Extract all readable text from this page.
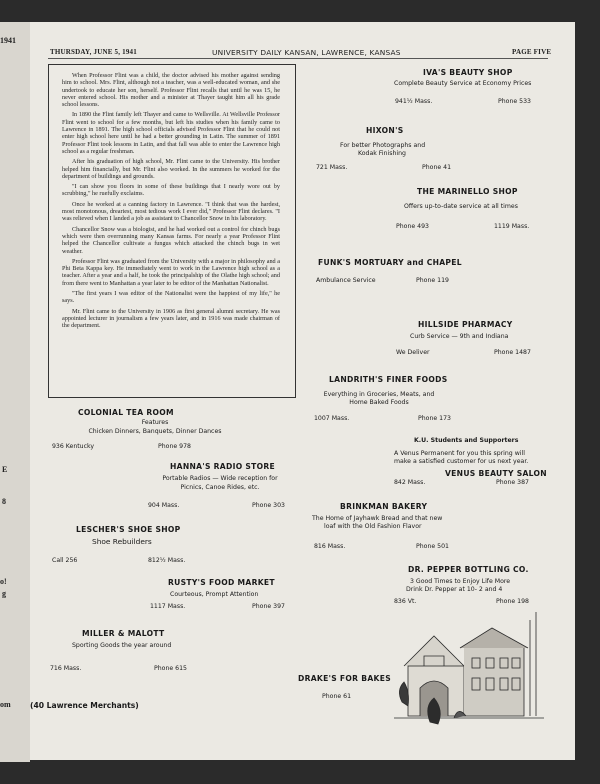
1941
E
8
o!
g
om
THURSDAY, JUNE 5, 1941	UNIVERSITY DAILY KANSAN, LAWRENCE, KANSAS	PAGE FIVE

When Professor Flint was a child, the doctor advised his mother against sending him to school. Mrs. Flint, although not a teacher, was a well-educated woman, and she undertook to educate her son, herself. Professor Flint recalls that until he was 15, he never entered school. His mother and a minister at Thayer taught him all his grade school lessons.

In 1890 the Flint family left Thayer and came to Wellsville. At Wellsville Professor Flint went to school for a few months, but left his studies when his family came to Lawrence in 1891. The high school officials advised Professor Flint that he could not enter high school here until he had a better grounding in Latin. The summer of 1891 Professor Flint took lessons in Latin, and that fall was able to enter the Lawrence high school as a regular freshman.

After his graduation of high school, Mr. Flint came to the University. His brother helped him financially, but Mr. Flint also worked. In the summers he worked for the department of buildings and grounds.

"I can show you floors in some of these buildings that I nearly wore out by scrubbing," he ruefully exclaims.

Once he worked at a canning factory in Lawrence. "I think that was the hardest, most monotonous, dreariest, most tedious work I ever did," Professor Flint declares. "I was relieved when I landed a job as assistant to Chancellor Snow in his laboratory.

Chancellor Snow was a biologist, and he had worked out a control for chinch bugs which were then overrunning many Kansas farms. For nearly a year Professor Flint helped the Chancellor cultivate a fungus which attacked the chinch bugs in wet weather.

Professor Flint was graduated from the University with a major in philosophy and a Phi Beta Kappa key. He immediately went to work in the Lawrence high school as a teacher. After a year and a half, he took the principalship of the Olathe high school; and from there went to Manhattan a year later to be editor of the Manhattan Nationalist.

"The first years I was editor of the Nationalist were the happiest of my life," he says.

Mr. Flint came to the University in 1906 as first general alumni secretary. He was appointed lecturer in journalism a few years later, and in 1916 was made chairman of the department.

COLONIAL TEA ROOM
Features
Chicken Dinners, Banquets, Dinner Dances
936 Kentucky	Phone 978
HANNA'S RADIO STORE
Portable Radios — Wide reception for
Picnics, Canoe Rides, etc.
904 Mass.	Phone 303
LESCHER'S SHOE SHOP
Shoe Rebuilders
Call 256	812½ Mass.
RUSTY'S FOOD MARKET
Courteous, Prompt Attention
1117 Mass.	Phone 397
MILLER & MALOTT
Sporting Goods the year around
716 Mass.	Phone 615
(40 Lawrence Merchants)
IVA'S BEAUTY SHOP
Complete Beauty Service at Economy Prices
941½ Mass.	Phone 533
HIXON'S
For better Photographs and
Kodak Finishing
721 Mass.	Phone 41
THE MARINELLO SHOP
Offers up-to-date service at all times
Phone 493	1119 Mass.
FUNK'S MORTUARY and CHAPEL
Ambulance Service	Phone 119
HILLSIDE PHARMACY
Curb Service — 9th and Indiana
We Deliver	Phone 1487
LANDRITH'S FINER FOODS
Everything in Groceries, Meats, and
Home Baked Foods
1007 Mass.	Phone 173
K.U. Students and Supporters
A Venus Permanent for you this spring will
make a satisfied customer for us next year.
VENUS BEAUTY SALON
842 Mass.	Phone 387
BRINKMAN BAKERY
The Home of Jayhawk Bread and that new
loaf with the Old Fashion Flavor
816 Mass.	Phone 501
DR. PEPPER BOTTLING CO.
3 Good Times to Enjoy Life More
Drink Dr. Pepper at 10- 2 and 4
836 Vt.	Phone 198
DRAKE'S FOR BAKES
Phone 61
